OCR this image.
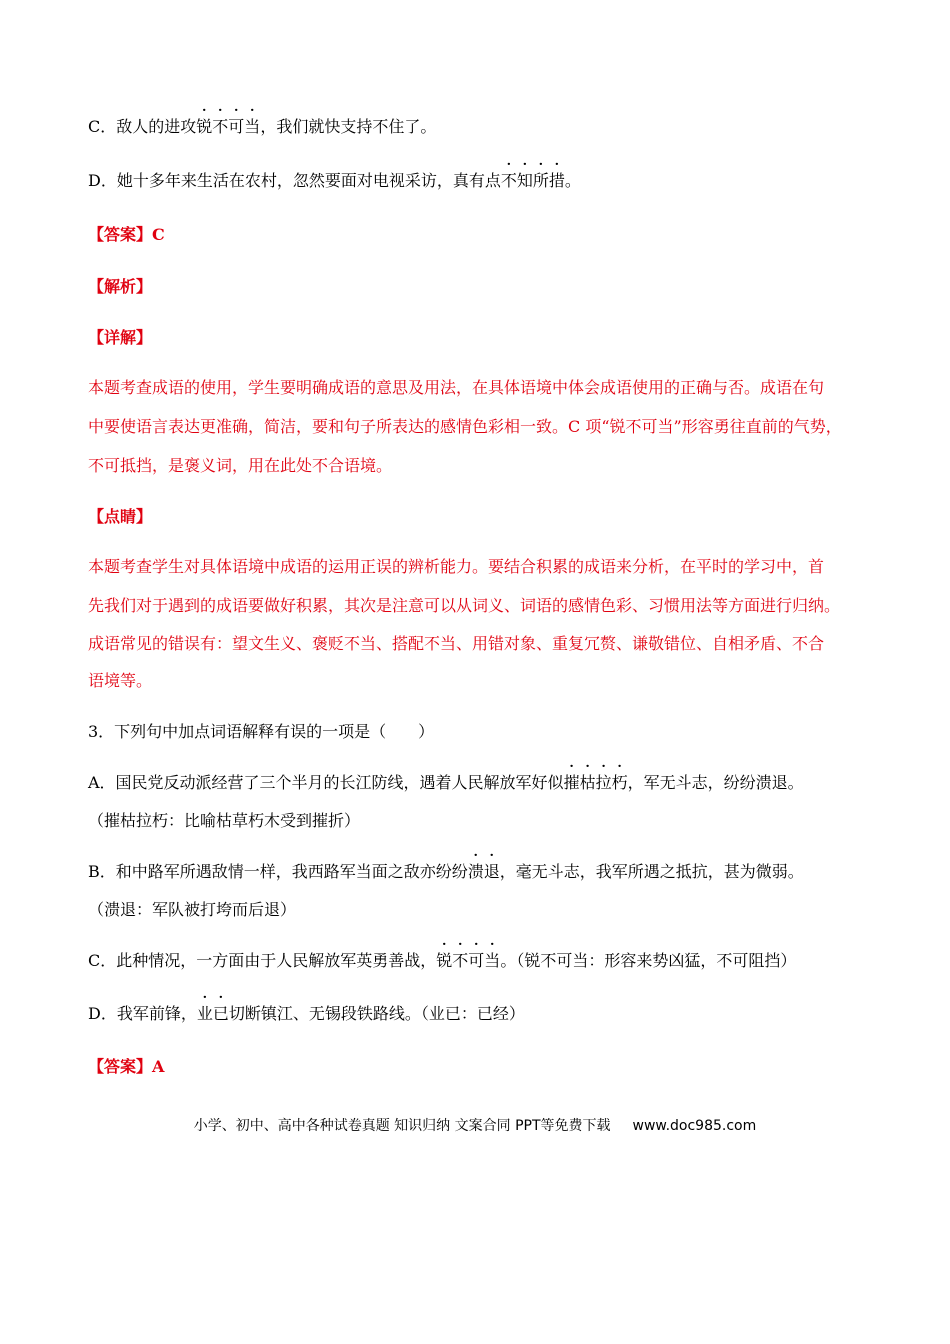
C．敌人的进攻锐不可当，我们就快支持不住了。
D．她十多年来生活在农村，忽然要面对电视采访，真有点不知所措。
【答案】C
【解析】
【详解】
本题考查成语的使用，学生要明确成语的意思及用法，在具体语境中体会成语使用的正确与否。成语在句
中要使语言表达更准确，简洁，要和句子所表达的感情色彩相一致。C 项“锐不可当”形容勇往直前的气势，
不可抵挡，是褒义词，用在此处不合语境。
【点睛】
本题考查学生对具体语境中成语的运用正误的辨析能力。要结合积累的成语来分析，在平时的学习中，首
先我们对于遇到的成语要做好积累，其次是注意可以从词义、词语的感情色彩、习惯用法等方面进行归纳。
成语常见的错误有：望文生义、褒贬不当、搭配不当、用错对象、重复冗赘、谦敬错位、自相矛盾、不合
语境等。
3．下列句中加点词语解释有误的一项是（　　）
A．国民党反动派经营了三个半月的长江防线，遇着人民解放军好似摧枯拉朽，军无斗志，纷纷溃退。
（摧枯拉朽：比喻枯草朽木受到摧折）
B．和中路军所遇敌情一样，我西路军当面之敌亦纷纷溃退，毫无斗志，我军所遇之抵抗，甚为微弱。
（溃退：军队被打垮而后退）
C．此种情况，一方面由于人民解放军英勇善战，锐不可当。（锐不可当：形容来势凶猛，不可阻挡）
D．我军前锋，业已切断镇江、无锡段铁路线。（业已：已经）
【答案】A
小学、初中、高中各种试卷真题 知识归纳 文案合同 PPT等免费下载 www.doc985.com
